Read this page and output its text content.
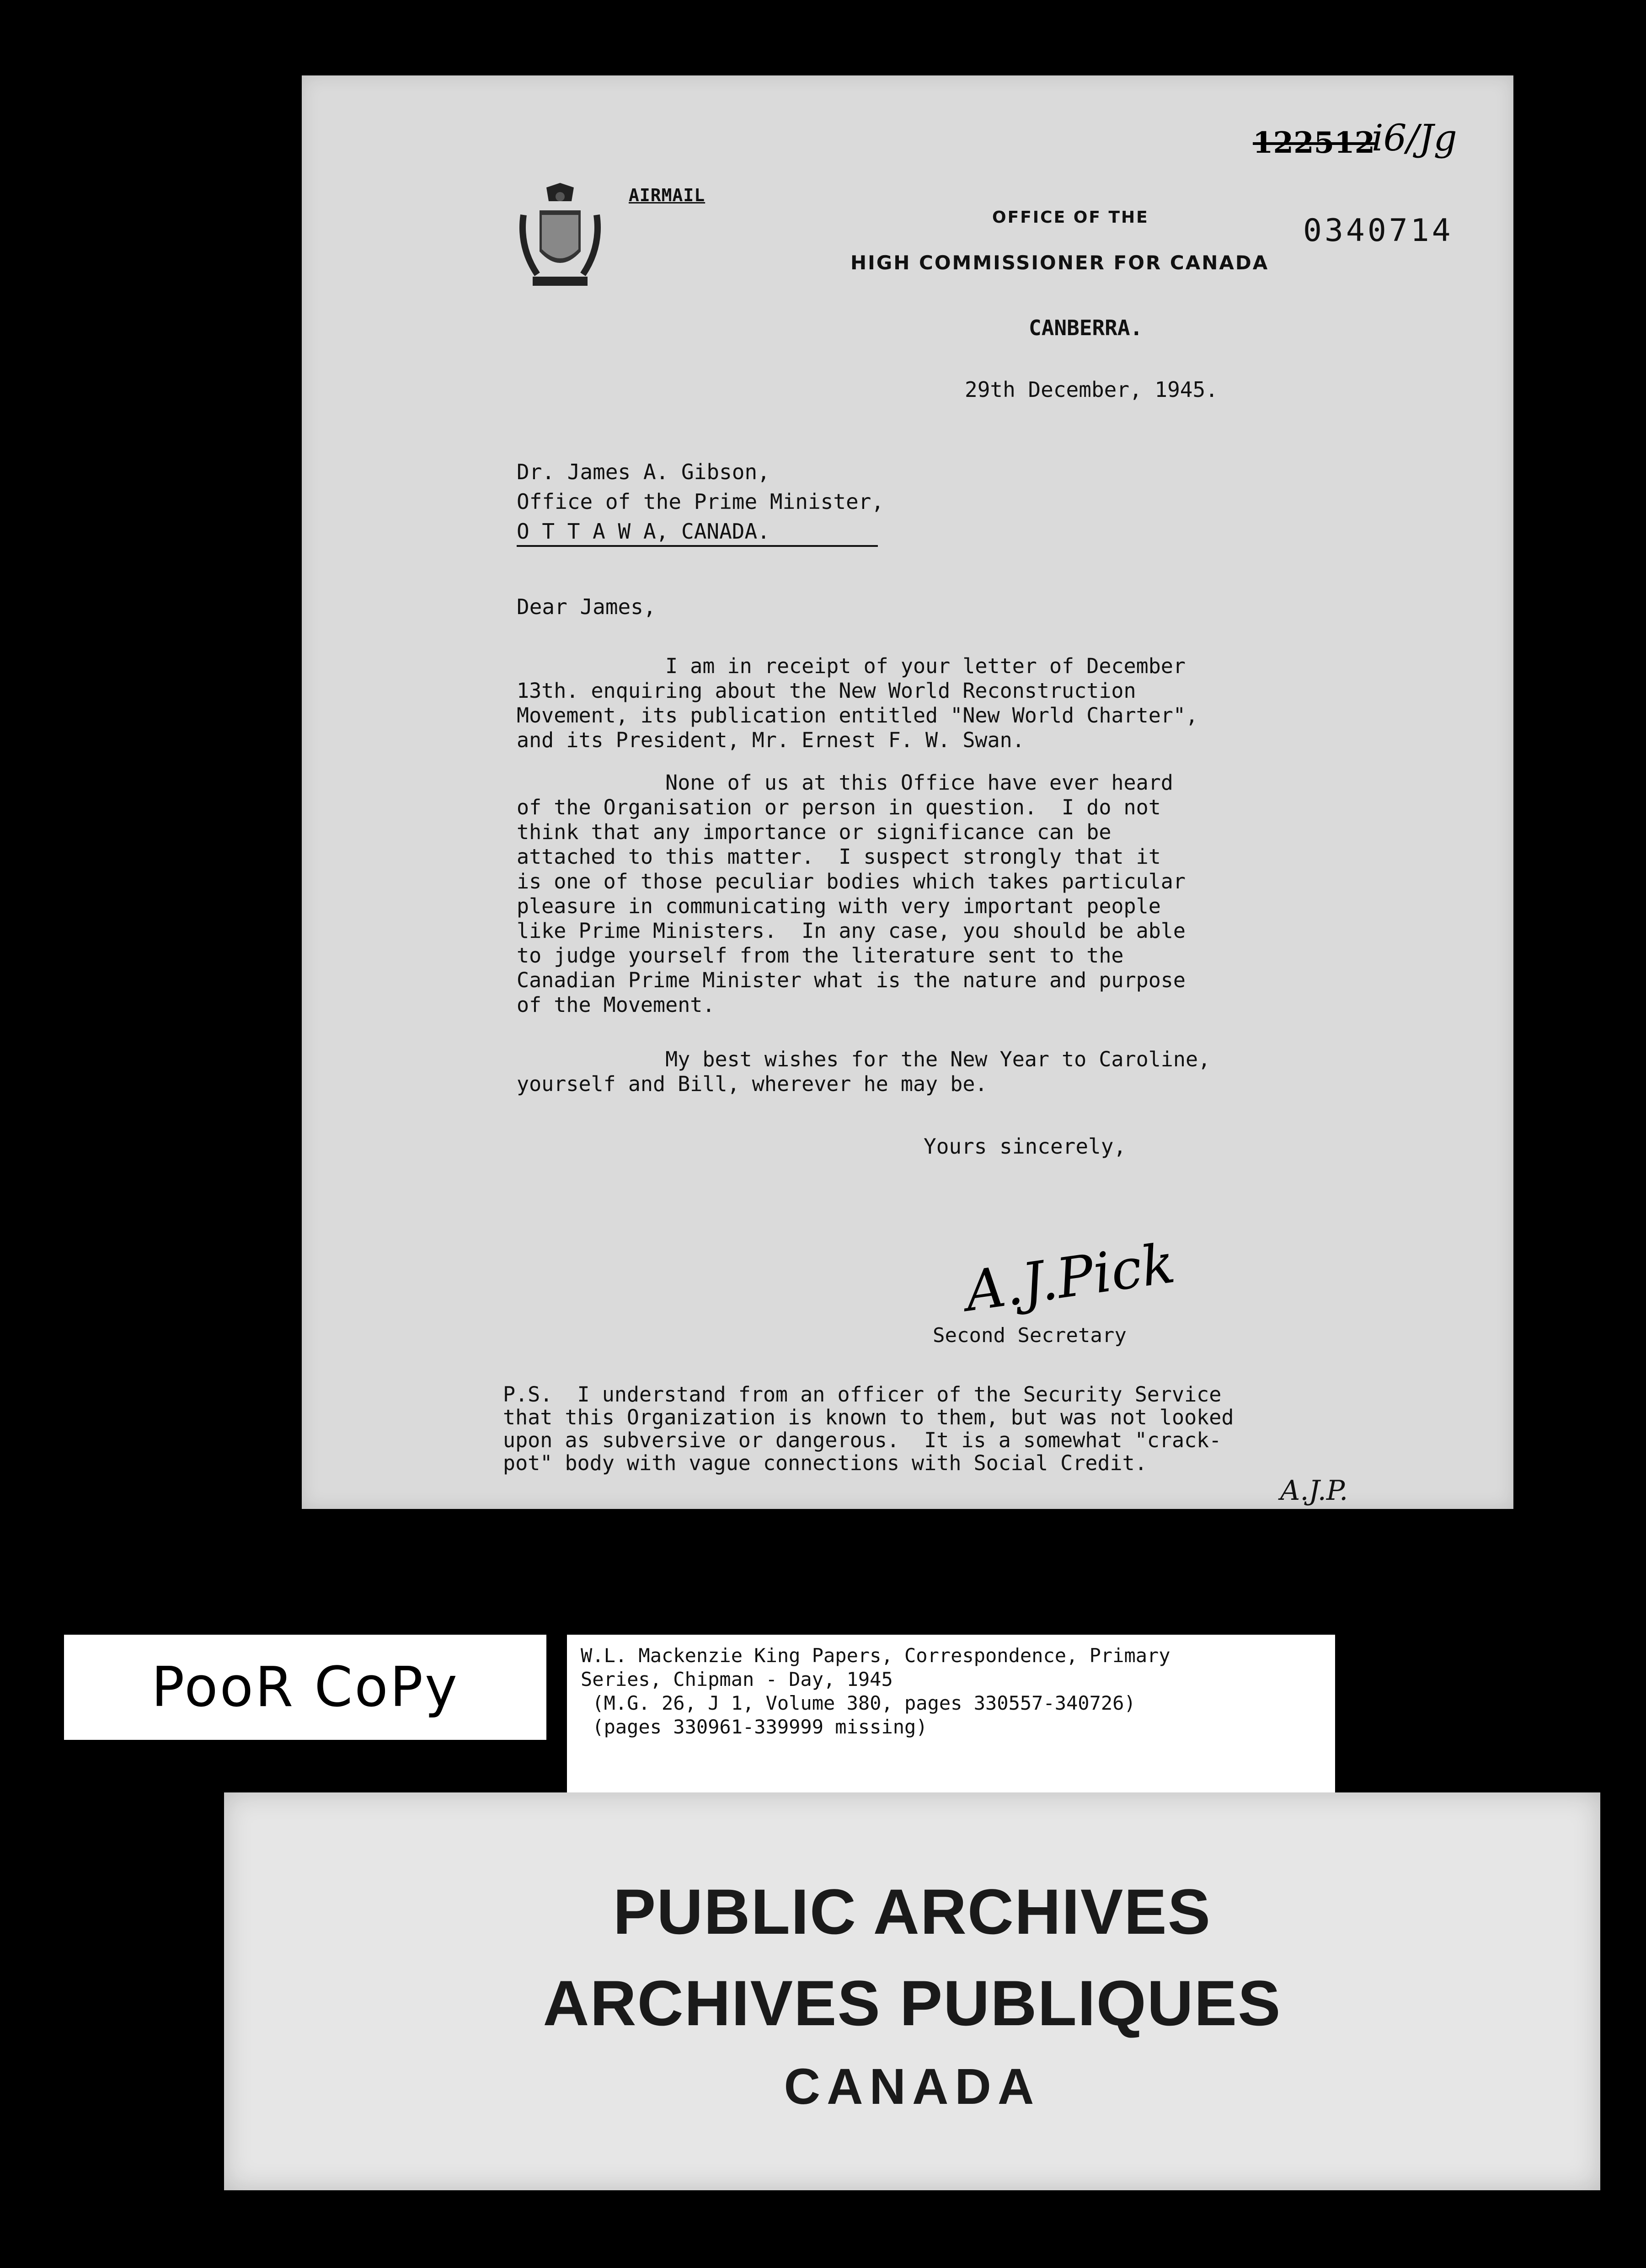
AIRMAIL
OFFICE OF THE
HIGH COMMISSIONER FOR CANADA
122512
i6/Jg
0340714
CANBERRA.
29th December, 1945.
Dr. James A. Gibson,
Office of the Prime Minister,
O T T A W A, CANADA.
Dear James,
I am in receipt of your letter of December
13th. enquiring about the New World Reconstruction
Movement, its publication entitled "New World Charter",
and its President, Mr. Ernest F. W. Swan.
None of us at this Office have ever heard
of the Organisation or person in question.  I do not
think that any importance or significance can be
attached to this matter.  I suspect strongly that it
is one of those peculiar bodies which takes particular
pleasure in communicating with very important people
like Prime Ministers.  In any case, you should be able
to judge yourself from the literature sent to the
Canadian Prime Minister what is the nature and purpose
of the Movement.
My best wishes for the New Year to Caroline,
yourself and Bill, wherever he may be.
Yours sincerely,
A.J.Pick
Second Secretary
P.S.  I understand from an officer of the Security Service
that this Organization is known to them, but was not looked
upon as subversive or dangerous.  It is a somewhat "crack-
pot" body with vague connections with Social Credit.
A.J.P.
PooR CoPy	W.L. Mackenzie King Papers, Correspondence, Primary
Series, Chipman - Day, 1945
(M.G. 26, J 1, Volume 380, pages 330557-340726)
(pages 330961-339999 missing)
PUBLIC ARCHIVES
ARCHIVES PUBLIQUES
CANADA
